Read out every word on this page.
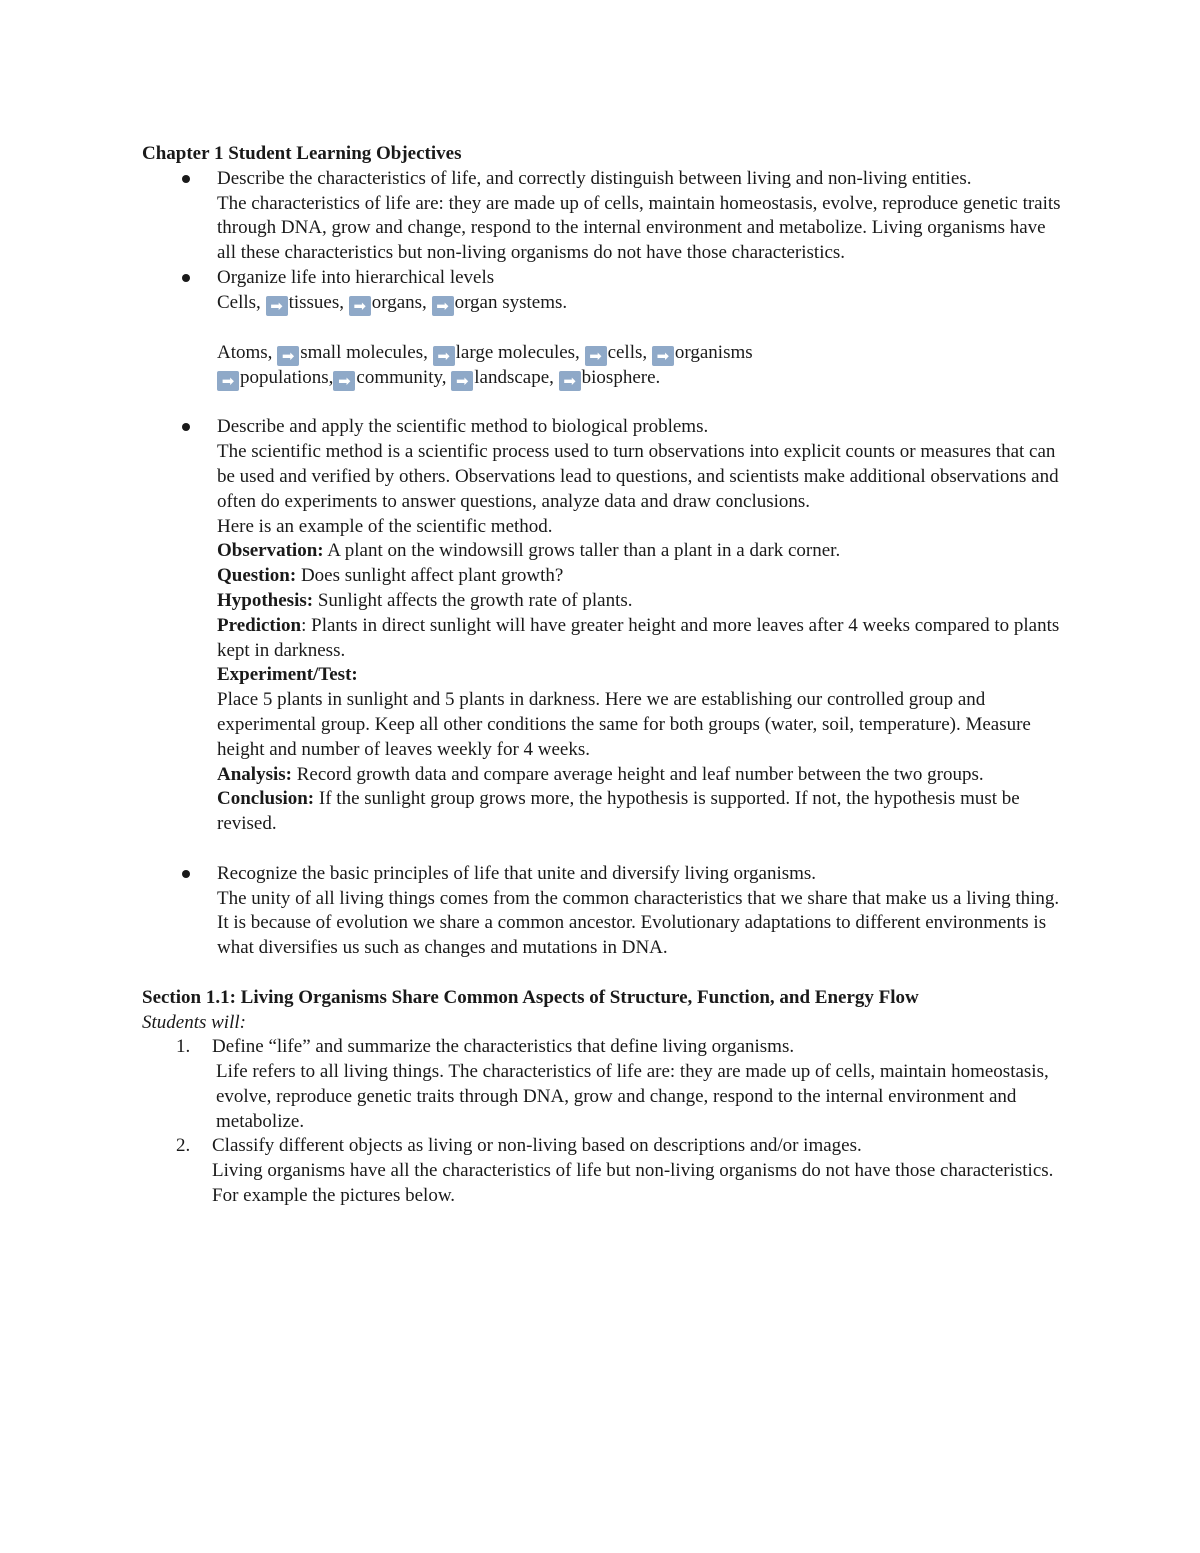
Chapter 1 Student Learning Objectives
Describe the characteristics of life, and correctly distinguish between living and non-living entities.
The characteristics of life are: they are made up of cells, maintain homeostasis, evolve, reproduce genetic traits through DNA, grow and change, respond to the internal environment and metabolize. Living organisms have all these characteristics but non-living organisms do not have those characteristics.
Organize life into hierarchical levels
Cells, ➡ tissues, ➡ organs, ➡ organ systems.
Atoms, ➡ small molecules, ➡ large molecules, ➡ cells, ➡ organisms
➡ populations, ➡ community, ➡ landscape, ➡ biosphere.
Describe and apply the scientific method to biological problems.
The scientific method is a scientific process used to turn observations into explicit counts or measures that can be used and verified by others. Observations lead to questions, and scientists make additional observations and often do experiments to answer questions, analyze data and draw conclusions.
Here is an example of the scientific method.
Observation: A plant on the windowsill grows taller than a plant in a dark corner.
Question: Does sunlight affect plant growth?
Hypothesis: Sunlight affects the growth rate of plants.
Prediction: Plants in direct sunlight will have greater height and more leaves after 4 weeks compared to plants kept in darkness.
Experiment/Test:
Place 5 plants in sunlight and 5 plants in darkness. Here we are establishing our controlled group and experimental group. Keep all other conditions the same for both groups (water, soil, temperature). Measure height and number of leaves weekly for 4 weeks.
Analysis: Record growth data and compare average height and leaf number between the two groups.
Conclusion: If the sunlight group grows more, the hypothesis is supported. If not, the hypothesis must be revised.
Recognize the basic principles of life that unite and diversify living organisms.
The unity of all living things comes from the common characteristics that we share that make us a living thing. It is because of evolution we share a common ancestor. Evolutionary adaptations to different environments is what diversifies us such as changes and mutations in DNA.
Section 1.1: Living Organisms Share Common Aspects of Structure, Function, and Energy Flow
Students will:
1. Define “life” and summarize the characteristics that define living organisms.
Life refers to all living things. The characteristics of life are: they are made up of cells, maintain homeostasis, evolve, reproduce genetic traits through DNA, grow and change, respond to the internal environment and metabolize.
2. Classify different objects as living or non-living based on descriptions and/or images.
Living organisms have all the characteristics of life but non-living organisms do not have those characteristics. For example the pictures below.
